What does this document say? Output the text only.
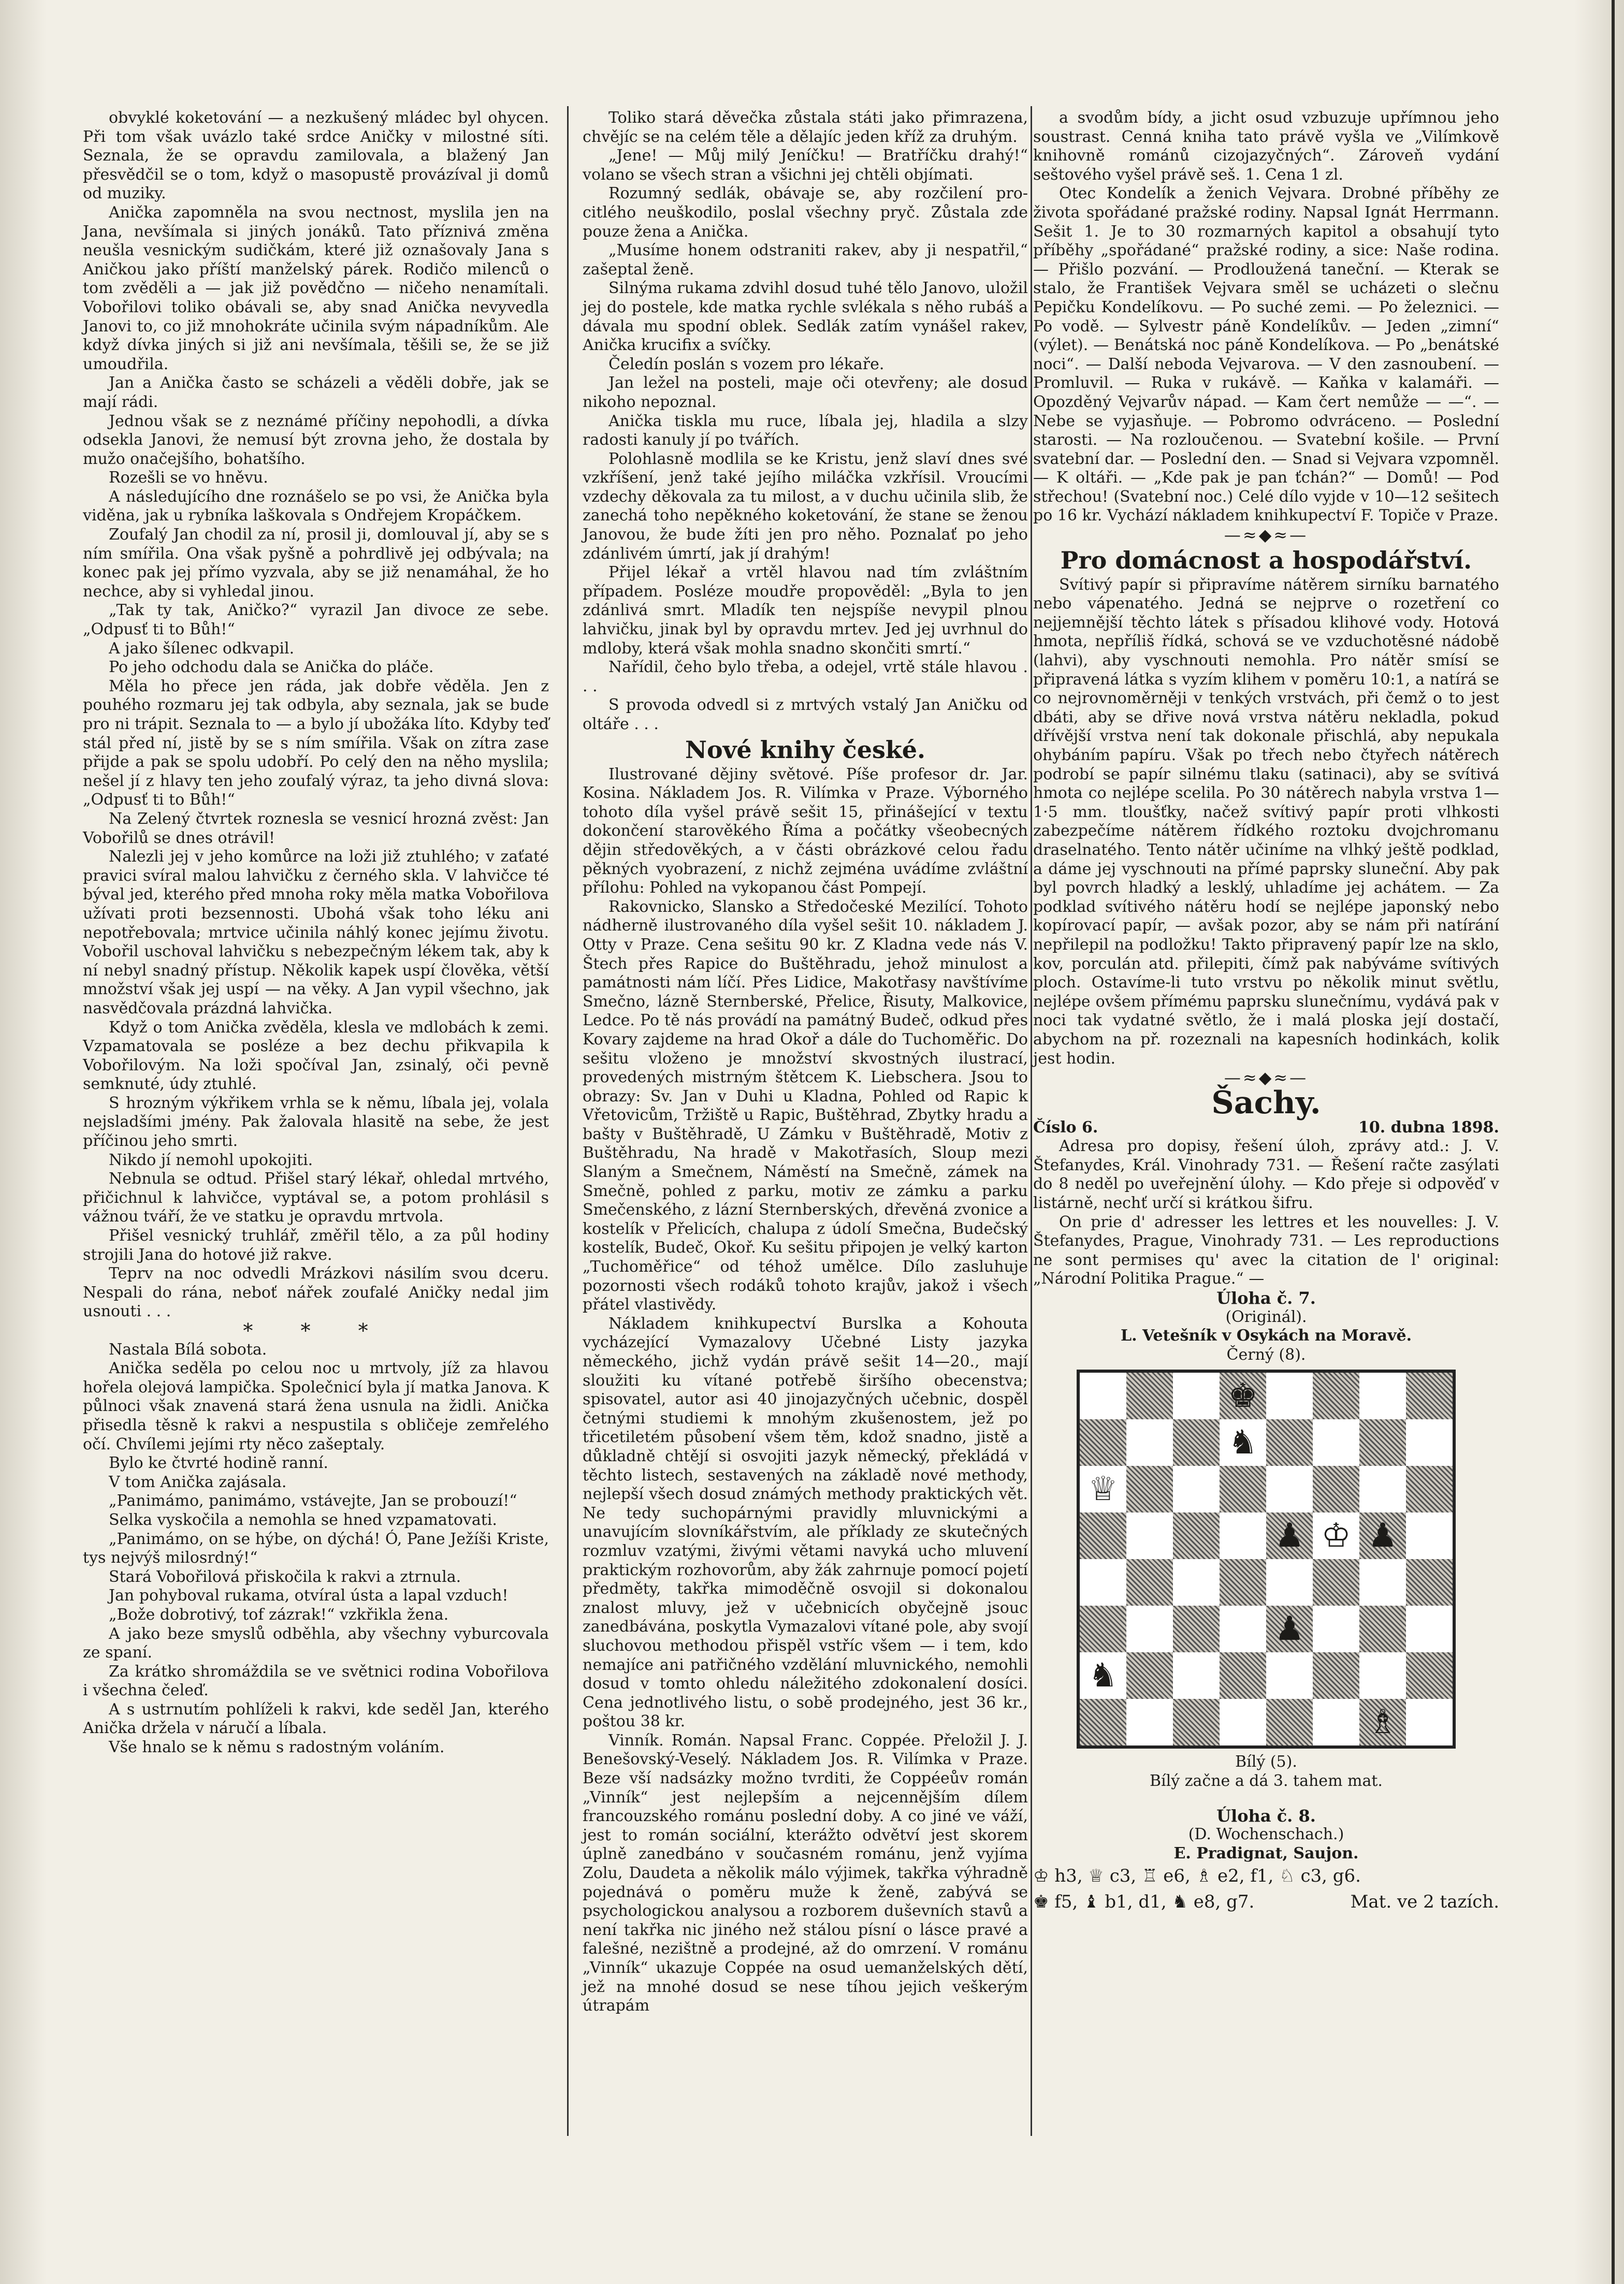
obvyklé koketování — a nezkušený mládec byl ohycen. Při tom však uvázlo také srdce Aničky v milostné síti. Seznala, že se opravdu zamilovala, a blažený Jan přesvědčil se o tom, když o masopustě provázíval ji domů od muziky.

Anička zapomněla na svou nectnost, myslila jen na Jana, nevšímala si jiných jonáků. Tato příznivá změna neušla vesnickým sudičkám, které již oznašovaly Jana s Aničkou jako příští manželský párek. Rodičo milenců o tom zvěděli a — jak již povědčno — ničeho nenamítali. Vobořilovi toliko obávali se, aby snad Anička nevyvedla Janovi to, co již mnohokráte učinila svým nápadníkům. Ale když dívka jiných si již ani nevšímala, těšili se, že se již umoudřila.

Jan a Anička často se scházeli a věděli dobře, jak se mají rádi.

Jednou však se z neznámé příčiny nepohodli, a dívka odsekla Janovi, že nemusí být zrovna jeho, že dostala by mužo onačejšího, bohatšího.

Rozešli se vo hněvu.

A následujícího dne roznášelo se po vsi, že Anička byla viděna, jak u rybníka laškovala s Ondřejem Kropáčkem.

Zoufalý Jan chodil za ní, prosil ji, domlouval jí, aby se s ním smířila. Ona však pyšně a pohrdlivě jej odbývala; na konec pak jej přímo vyzvala, aby se již nenamáhal, že ho nechce, aby si vyhledal jinou.

„Tak ty tak, Aničko?“ vyrazil Jan divoce ze sebe. „Odpusť ti to Bůh!“

A jako šílenec odkvapil.

Po jeho odchodu dala se Anička do pláče.

Měla ho přece jen ráda, jak dobře věděla. Jen z pouhého rozmaru jej tak odbyla, aby seznala, jak se bude pro ni trápit. Seznala to — a bylo jí ubožáka líto. Kdyby teď stál před ní, jistě by se s ním smířila. Však on zítra zase přijde a pak se spolu udobří. Po celý den na něho myslila; nešel jí z hlavy ten jeho zoufalý výraz, ta jeho divná slova: „Odpusť ti to Bůh!“

Na Zelený čtvrtek roznesla se vesnicí hrozná zvěst: Jan Vobořilů se dnes otrávil!

Nalezli jej v jeho komůrce na loži již ztuhlého; v zaťaté pravici svíral malou lahvičku z černého skla. V lahvičce té býval jed, kterého před mnoha roky měla matka Vobořilova užívati proti bezsennosti. Ubohá však toho léku ani nepotřebovala; mrtvice učinila náhlý konec jejímu životu. Vobořil uschoval lahvičku s nebezpečným lékem tak, aby k ní nebyl snadný přístup. Několik kapek uspí člověka, větší množství však jej uspí — na věky. A Jan vypil všechno, jak nasvědčovala prázdná lahvička.

Když o tom Anička zvěděla, klesla ve mdlobách k zemi. Vzpamatovala se posléze a bez dechu přikvapila k Vobořilovým. Na loži spočíval Jan, zsinalý, oči pevně semknuté, údy ztuhlé.

S hrozným výkřikem vrhla se k němu, líbala jej, volala nejsladšími jmény. Pak žalovala hlasitě na sebe, že jest příčinou jeho smrti.

Nikdo jí nemohl upokojiti.

Nebnula se odtud. Přišel starý lékař, ohledal mrtvého, přičichnul k lahvičce, vyptával se, a potom prohlásil s vážnou tváří, že ve statku je opravdu mrtvola.

Přišel vesnický truhlář, změřil tělo, a za půl hodiny strojili Jana do hotové již rakve.

Teprv na noc odvedli Mrázkovi násilím svou dceru. Nespali do rána, neboť nářek zoufalé Aničky nedal jim usnouti . . .

* * *

Nastala Bílá sobota.

Anička seděla po celou noc u mrtvoly, jíž za hlavou hořela olejová lampička. Společnicí byla jí matka Janova. K půlnoci však znavená stará žena usnula na židli. Anička přisedla těsně k rakvi a nespustila s obličeje zemřelého očí. Chvílemi jejími rty něco zašeptaly.

Bylo ke čtvrté hodině ranní.

V tom Anička zajásala.

„Panimámo, panimámo, vstávejte, Jan se probouzí!“

Selka vyskočila a nemohla se hned vzpamatovati.

„Panimámo, on se hýbe, on dýchá! Ó, Pane Ježíši Kriste, tys nejvýš milosrdný!“

Stará Vobořilová přiskočila k rakvi a ztrnula.

Jan pohyboval rukama, otvíral ústa a lapal vzduch!

„Bože dobrotivý, tof zázrak!“ vzkřikla žena.

A jako beze smyslů odběhla, aby všechny vyburcovala ze spaní.

Za krátko shromáždila se ve světnici rodina Vobořilova i všechna čeleď.

A s ustrnutím pohlíželi k rakvi, kde seděl Jan, kterého Anička držela v náručí a líbala.

Vše hnalo se k němu s radostným voláním.

Toliko stará děvečka zůstala státi jako přimrazena, chvějíc se na celém těle a dělajíc jeden kříž za druhým.

„Jene! — Můj milý Jeníčku! — Bratříčku drahý!“ volano se všech stran a všichni jej chtěli objímati.

Rozumný sedlák, obávaje se, aby rozčilení pro-citlého neuškodilo, poslal všechny pryč. Zůstala zde pouze žena a Anička.

„Musíme honem odstraniti rakev, aby ji nespatřil,“ zašeptal ženě.

Silnýma rukama zdvihl dosud tuhé tělo Janovo, uložil jej do postele, kde matka rychle svlékala s něho rubáš a dávala mu spodní oblek. Sedlák zatím vynášel rakev, Anička krucifix a svíčky.

Čeledín poslán s vozem pro lékaře.

Jan ležel na posteli, maje oči otevřeny; ale dosud nikoho nepoznal.

Anička tiskla mu ruce, líbala jej, hladila a slzy radosti kanuly jí po tvářích.

Polohlasně modlila se ke Kristu, jenž slaví dnes své vzkříšení, jenž také jejího miláčka vzkřísil. Vroucími vzdechy děkovala za tu milost, a v duchu učinila slib, že zanechá toho nepěkného koketování, že stane se ženou Janovou, že bude žíti jen pro něho. Poznalať po jeho zdánlivém úmrtí, jak jí drahým!

Přijel lékař a vrtěl hlavou nad tím zvláštním případem. Posléze moudře propověděl: „Byla to jen zdánlivá smrt. Mladík ten nejspíše nevypil plnou lahvičku, jinak byl by opravdu mrtev. Jed jej uvrhnul do mdloby, která však mohla snadno skončiti smrtí.“

Nařídil, čeho bylo třeba, a odejel, vrtě stále hlavou . . .

S provoda odvedl si z mrtvých vstalý Jan Aničku od oltáře . . .

Nové knihy české.

Ilustrované dějiny světové. Píše profesor dr. Jar. Kosina. Nákladem Jos. R. Vilímka v Praze. Výborného tohoto díla vyšel právě sešit 15, přinášející v textu dokončení starověkého Říma a počátky všeobecných dějin středověkých, a v části obrázkové celou řadu pěkných vyobrazení, z nichž zejména uvádíme zvláštní přílohu: Pohled na vykopanou část Pompejí.

Rakovnicko, Slansko a Středočeské Mezilící. Tohoto nádherně ilustrovaného díla vyšel sešit 10. nákladem J. Otty v Praze. Cena sešitu 90 kr. Z Kladna vede nás V. Štech přes Rapice do Buštěhradu, jehož minulost a památnosti nám líčí. Přes Lidice, Makotřasy navštívíme Smečno, lázně Sternberské, Přelice, Řisuty, Malkovice, Ledce. Po tě nás provádí na památný Budeč, odkud přes Kovary zajdeme na hrad Okoř a dále do Tuchoměřic. Do sešitu vloženo je množství skvostných ilustrací, provedených mistrným štětcem K. Liebschera. Jsou to obrazy: Sv. Jan v Duhi u Kladna, Pohled od Rapic k Vřetovicům, Tržiště u Rapic, Buštěhrad, Zbytky hradu a bašty v Buštěhradě, U Zámku v Buštěhradě, Motiv z Buštěhradu, Na hradě v Makotřasích, Sloup mezi Slaným a Smečnem, Náměstí na Smečně, zámek na Smečně, pohled z parku, motiv ze zámku a parku Smečenského, z lázní Sternberských, dřevěná zvonice a kostelík v Přelicích, chalupa z údolí Smečna, Budečský kostelík, Budeč, Okoř. Ku sešitu připojen je velký karton „Tuchoměřice“ od téhož umělce. Dílo zasluhuje pozornosti všech rodáků tohoto krajův, jakož i všech přátel vlastivědy.

Nákladem knihkupectví Burslka a Kohouta vycházející Vymazalovy Učebné Listy jazyka německého, jichž vydán právě sešit 14—20., mají sloužiti ku vítané potřebě širšího obecenstva; spisovatel, autor asi 40 jinojazyčných učebnic, dospěl četnými studiemi k mnohým zkušenostem, jež po třicetiletém působení všem těm, kdož snadno, jistě a důkladně chtějí si osvojiti jazyk německý, překládá v těchto listech, sestavených na základě nové methody, nejlepší všech dosud známých methody praktických vět. Ne tedy suchopárnými pravidly mluvnickými a unavujícím slovníkářstvím, ale příklady ze skutečných rozmluv vzatými, živými větami navyká ucho mluvení praktickým rozhovorům, aby žák zahrnuje pomocí pojetí předměty, takřka mimoděčně osvojil si dokonalou znalost mluvy, jež v učebnicích obyčejně jsouc zanedbávána, poskytla Vymazalovi vítané pole, aby svojí sluchovou methodou přispěl vstříc všem — i tem, kdo nemajíce ani patřičného vzdělání mluvnického, nemohli dosud v tomto ohledu náležitého zdokonalení dosíci. Cena jednotlivého listu, o sobě prodejného, jest 36 kr., poštou 38 kr.

Vinník. Román. Napsal Franc. Coppée. Přeložil J. J. Benešovský-Veselý. Nákladem Jos. R. Vilímka v Praze. Beze vší nadsázky možno tvrditi, že Coppéeův román „Vinník“ jest nejlepším a nejcennějším dílem francouzského románu poslední doby. A co jiné ve váží, jest to román sociální, kterážto odvětví jest skorem úplně zanedbáno v současném románu, jenž vyjíma Zolu, Daudeta a několik málo výjimek, takřka výhradně pojednává o poměru muže k ženě, zabývá se psychologickou analysou a rozborem duševních stavů a není takřka nic jiného než stálou písní o lásce pravé a falešné, nezištně a prodejné, až do omrzení. V románu „Vinník“ ukazuje Coppée na osud uemanželských dětí, jež na mnohé dosud se nese tíhou jejich veškerým útrapám

a svodům bídy, a jicht osud vzbuzuje upřímnou jeho soustrast. Cenná kniha tato právě vyšla ve „Vilímkově knihovně románů cizojazyčných“. Zároveň vydání seštového vyšel právě seš. 1. Cena 1 zl.

Otec Kondelík a ženich Vejvara. Drobné příběhy ze života spořádané pražské rodiny. Napsal Ignát Herrmann. Sešit 1. Je to 30 rozmarných kapitol a obsahují tyto příběhy „spořádané“ pražské rodiny, a sice: Naše rodina. — Přišlo pozvání. — Prodloužená taneční. — Kterak se stalo, že František Vejvara směl se ucházeti o slečnu Pepičku Kondelíkovu. — Po suché zemi. — Po železnici. — Po vodě. — Sylvestr páně Kondelíkův. — Jeden „zimní“ (výlet). — Benátská noc páně Kondelíkova. — Po „benátské noci“. — Další neboda Vejvarova. — V den zasnoubení. — Promluvil. — Ruka v rukávě. — Kaňka v kalamáři. — Opozděný Vejvarův nápad. — Kam čert nemůže — —“. — Nebe se vyjasňuje. — Pobromo odvráceno. — Poslední starosti. — Na rozloučenou. — Svatební košile. — První svatební dar. — Poslední den. — Snad si Vejvara vzpomněl. — K oltáři. — „Kde pak je pan ťchán?“ — Domů! — Pod střechou! (Svatební noc.) Celé dílo vyjde v 10—12 sešitech po 16 kr. Vychází nákladem knihkupectví F. Topiče v Praze.

—≈◆≈—

Pro domácnost a hospodářství.

Svítivý papír si připravíme nátěrem sirníku barnatého nebo vápenatého. Jedná se nejprve o rozetření co nejjemnější těchto látek s přísadou klihové vody. Hotová hmota, nepříliš řídká, schová se ve vzduchotěsné nádobě (lahvi), aby vyschnouti nemohla. Pro nátěr smísí se připravená látka s vyzím klihem v poměru 10:1, a natírá se co nejrovnoměrněji v tenkých vrstvách, při čemž o to jest dbáti, aby se dřive nová vrstva nátěru nekladla, pokud dřívější vrstva není tak dokonale přischlá, aby nepukala ohybáním papíru. Však po třech nebo čtyřech nátěrech podrobí se papír silnému tlaku (satinaci), aby se svítivá hmota co nejlépe scelila. Po 30 nátěrech nabyla vrstva 1—1·5 mm. tloušťky, načež svítivý papír proti vlhkosti zabezpečíme nátěrem řídkého roztoku dvojchromanu draselnatého. Tento nátěr učiníme na vlhký ještě podklad, a dáme jej vyschnouti na přímé paprsky sluneční. Aby pak byl povrch hladký a lesklý, uhladíme jej achátem. — Za podklad svítivého nátěru hodí se nejlépe japonský nebo kopírovací papír, — avšak pozor, aby se nám při natírání nepřilepil na podložku! Takto připravený papír lze na sklo, kov, porculán atd. přilepiti, čímž pak nabýváme svítivých ploch. Ostavíme-li tuto vrstvu po několik minut světlu, nejlépe ovšem přímému paprsku slunečnímu, vydává pak v noci tak vydatné světlo, že i malá ploska její dostačí, abychom na př. rozeznali na kapesních hodinkách, kolik jest hodin.

—≈◆≈—

Šachy.

Číslo 6.	10. dubna 1898.

Adresa pro dopisy, řešení úloh, zprávy atd.: J. V. Štefanydes, Král. Vinohrady 731. — Řešení račte zasýlati do 8 neděl po uveřejnění úlohy. — Kdo přeje si odpověď v listárně, nechť určí si krátkou šifru.

On prie d' adresser les lettres et les nouvelles: J. V. Štefanydes, Prague, Vinohrady 731. — Les reproductions ne sont permises qu' avec la citation de l' original: „Národní Politika Prague.“ —

Úloha č. 7.

(Originál).

L. Vetešník v Osykách na Moravě.

Černý (8).

♚
♞
♕
♟ ♔ ♟
♟
♞
♗

Bílý (5).

Bílý začne a dá 3. tahem mat.

Úloha č. 8.

(D. Wochenschach.)

E. Pradignat, Saujon.

♔ h3, ♕ c3, ♖ e6, ♗ e2, f1, ♘ c3, g6.

♚ f5, ♝ b1, d1, ♞ e8, g7.	Mat. ve 2 tazích.
